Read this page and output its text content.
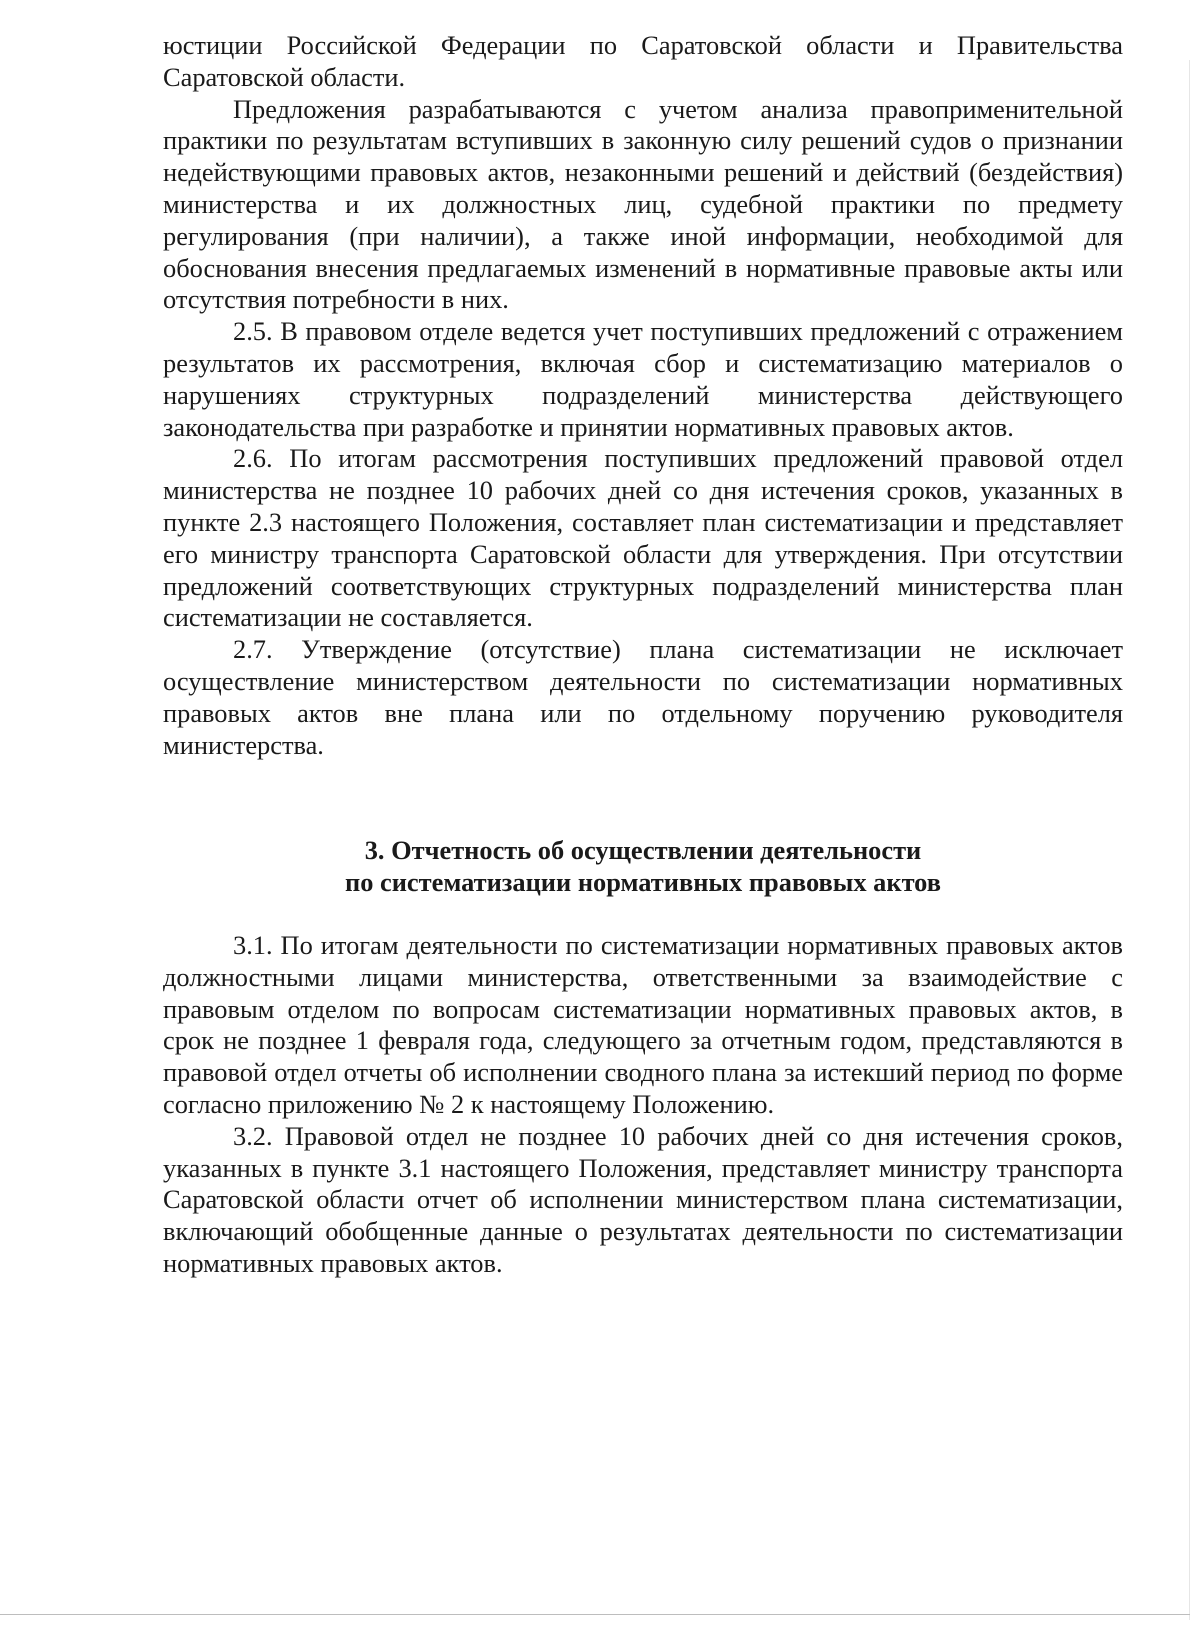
юстиции Российской Федерации по Саратовской области и Правительства Саратовской области.

Предложения разрабатываются с учетом анализа правоприменительной практики по результатам вступивших в законную силу решений судов о признании недействующими правовых актов, незаконными решений и действий (бездействия) министерства и их должностных лиц, судебной практики по предмету регулирования (при наличии), а также иной информации, необходимой для обоснования внесения предлагаемых изменений в нормативные правовые акты или отсутствия потребности в них.

2.5. В правовом отделе ведется учет поступивших предложений с отражением результатов их рассмотрения, включая сбор и систематизацию материалов о нарушениях структурных подразделений министерства действующего законодательства при разработке и принятии нормативных правовых актов.

2.6. По итогам рассмотрения поступивших предложений правовой отдел министерства не позднее 10 рабочих дней со дня истечения сроков, указанных в пункте 2.3 настоящего Положения, составляет план систематизации и представляет его министру транспорта Саратовской области для утверждения. При отсутствии предложений соответствующих структурных подразделений министерства план систематизации не составляется.

2.7. Утверждение (отсутствие) плана систематизации не исключает осуществление министерством деятельности по систематизации нормативных правовых актов вне плана или по отдельному поручению руководителя министерства.

3. Отчетность об осуществлении деятельности

по систематизации нормативных правовых актов

3.1. По итогам деятельности по систематизации нормативных правовых актов должностными лицами министерства, ответственными за взаимодействие с правовым отделом по вопросам систематизации нормативных правовых актов, в срок не позднее 1 февраля года, следующего за отчетным годом, представляются в правовой отдел отчеты об исполнении сводного плана за истекший период по форме согласно приложению № 2 к настоящему Положению.

3.2. Правовой отдел не позднее 10 рабочих дней со дня истечения сроков, указанных в пункте 3.1 настоящего Положения, представляет министру транспорта Саратовской области отчет об исполнении министерством плана систематизации, включающий обобщенные данные о результатах деятельности по систематизации нормативных правовых актов.
